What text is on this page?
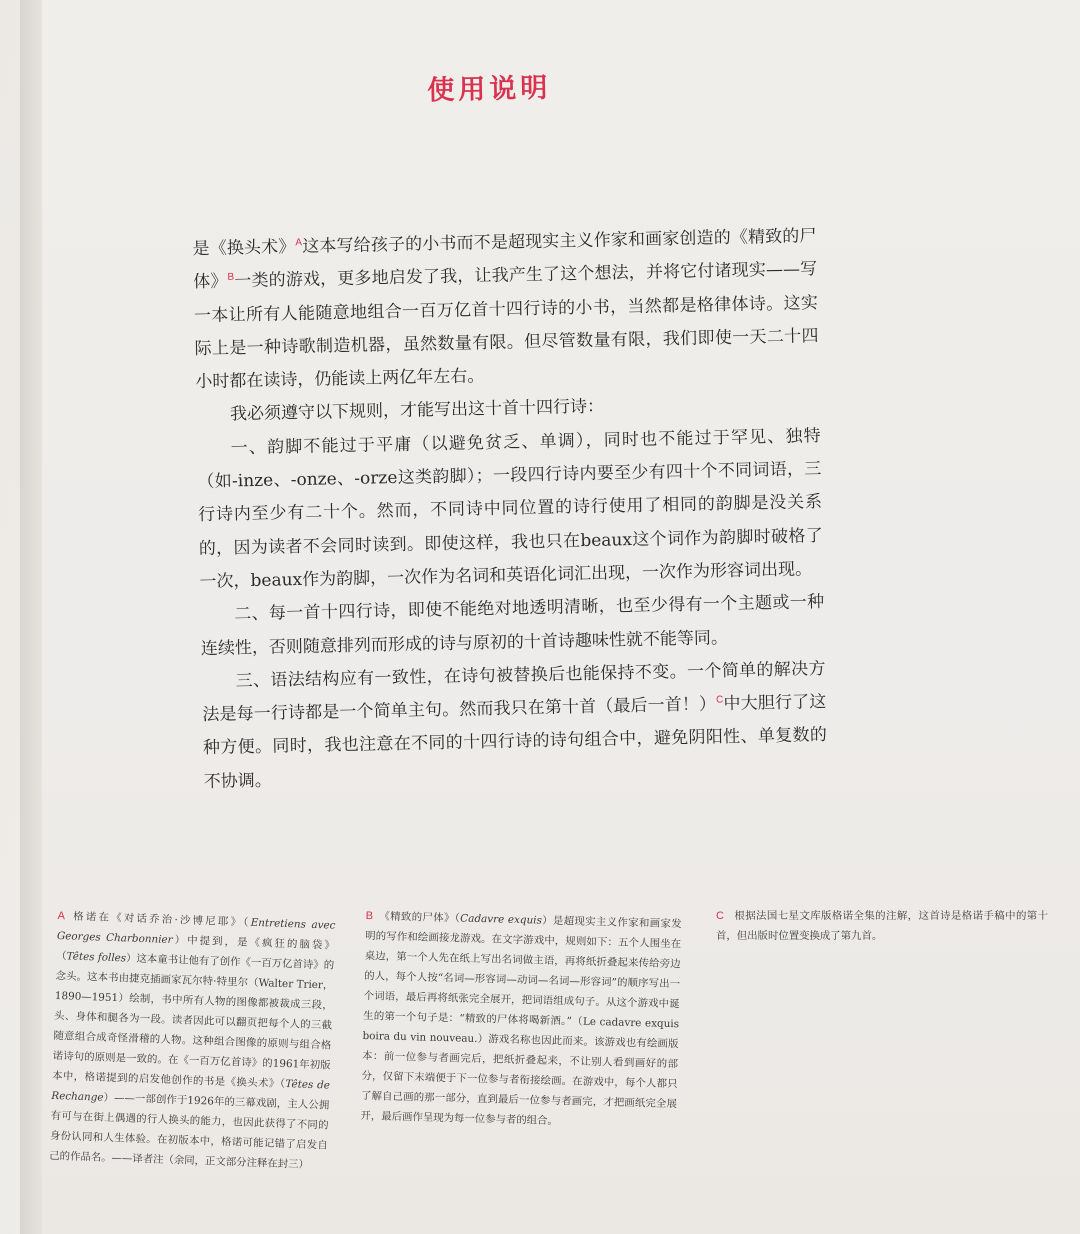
使用说明

是《换头术》$^A$这本写给孩子的小书而不是超现实主义作家和画家创造的《精致的尸体》$^B$一类的游戏，更多地启发了我，让我产生了这个想法，并将它付诸现实——写一本让所有人能随意地组合一百万亿首十四行诗的小书，当然都是格律体诗。这实际上是一种诗歌制造机器，虽然数量有限。但尽管数量有限，我们即使一天二十四小时都在读诗，仍能读上两亿年左右。

我必须遵守以下规则，才能写出这十首十四行诗：

一、韵脚不能过于平庸（以避免贫乏、单调），同时也不能过于罕见、独特（如-inze、-onze、-orze这类韵脚）；一段四行诗内要至少有四十个不同词语，三行诗内至少有二十个。然而，不同诗中同位置的诗行使用了相同的韵脚是没关系的，因为读者不会同时读到。即使这样，我也只在beaux这个词作为韵脚时破格了一次，beaux作为韵脚，一次作为名词和英语化词汇出现，一次作为形容词出现。

二、每一首十四行诗，即使不能绝对地透明清晰，也至少得有一个主题或一种连续性，否则随意排列而形成的诗与原初的十首诗趣味性就不能等同。

三、语法结构应有一致性，在诗句被替换后也能保持不变。一个简单的解决方法是每一行诗都是一个简单主句。然而我只在第十首（最后一首！）$^C$中大胆行了这种方便。同时，我也注意在不同的十四行诗的诗句组合中，避免阴阳性、单复数的不协调。

A 格诺在《对话乔治·沙博尼耶》（Entretiens avec Georges Charbonnier）中提到，是《疯狂的脑袋》（Têtes folles）这本童书让他有了创作《一百万亿首诗》的念头。这本书由捷克插画家瓦尔特·特里尔（Walter Trier，1890—1951）绘制，书中所有人物的图像都被裁成三段，头、身体和腿各为一段。读者因此可以翻页把每个人的三截随意组合成奇怪滑稽的人物。这种组合图像的原则与组合格诺诗句的原则是一致的。在《一百万亿首诗》的1961年初版本中，格诺提到的启发他创作的书是《换头术》（Têtes de Rechange）——一部创作于1926年的三幕戏剧，主人公拥有可与在街上偶遇的行人换头的能力，也因此获得了不同的身份认同和人生体验。在初版本中，格诺可能记错了启发自己的作品名。——译者注（余同，正文部分注释在封三）
B 《精致的尸体》（Cadavre exquis）是超现实主义作家和画家发明的写作和绘画接龙游戏。在文字游戏中，规则如下：五个人围坐在桌边，第一个人先在纸上写出名词做主语，再将纸折叠起来传给旁边的人，每个人按“名词—形容词—动词—名词—形容词”的顺序写出一个词语，最后再将纸张完全展开，把词语组成句子。从这个游戏中诞生的第一个句子是：“精致的尸体将喝新酒。”（Le cadavre exquis boira du vin nouveau.）游戏名称也因此而来。该游戏也有绘画版本：前一位参与者画完后，把纸折叠起来，不让别人看到画好的部分，仅留下末端便于下一位参与者衔接绘画。在游戏中，每个人都只了解自己画的那一部分，直到最后一位参与者画完，才把画纸完全展开，最后画作呈现为每一位参与者的组合。
C 根据法国七星文库版格诺全集的注解，这首诗是格诺手稿中的第十首，但出版时位置变换成了第九首。
